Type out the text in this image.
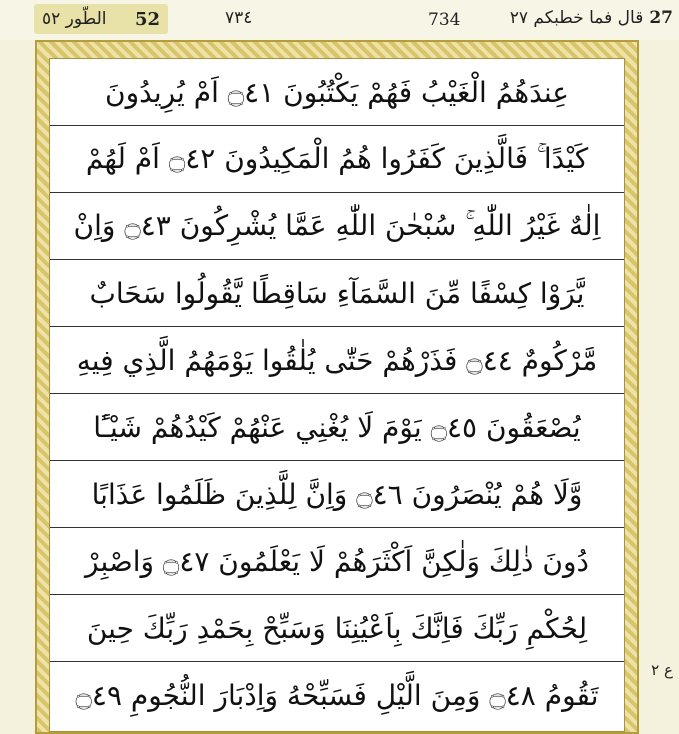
الطّور ٥٢ 52	٧٣٤	734	قال فما خطبكم ٢٧ 27
عِندَهُمُ الْغَيْبُ فَهُمْ يَكْتُبُونَ ۝٤١ اَمْ يُرِيدُونَ
كَيْدًا ۚ فَالَّذِينَ كَفَرُوا هُمُ الْمَكِيدُونَ ۝٤٢ اَمْ لَهُمْ
اِلٰهٌ غَيْرُ اللّٰهِ ۚ سُبْحٰنَ اللّٰهِ عَمَّا يُشْرِكُونَ ۝٤٣ وَاِنْ
يَّرَوْا كِسْفًا مِّنَ السَّمَآءِ سَاقِطًا يَّقُولُوا سَحَابٌ
مَّرْكُومٌ ۝٤٤ فَذَرْهُمْ حَتّٰى يُلٰقُوا يَوْمَهُمُ الَّذِي فِيهِ
يُصْعَقُونَ ۝٤٥ يَوْمَ لَا يُغْنِي عَنْهُمْ كَيْدُهُمْ شَيْـًٔا
وَّلَا هُمْ يُنْصَرُونَ ۝٤٦ وَاِنَّ لِلَّذِينَ ظَلَمُوا عَذَابًا
دُونَ ذٰلِكَ وَلٰكِنَّ اَكْثَرَهُمْ لَا يَعْلَمُونَ ۝٤٧ وَاصْبِرْ
لِحُكْمِ رَبِّكَ فَاِنَّكَ بِاَعْيُنِنَا وَسَبِّحْ بِحَمْدِ رَبِّكَ حِينَ
تَقُومُ ۝٤٨ وَمِنَ الَّيْلِ فَسَبِّحْهُ وَاِدْبَارَ النُّجُومِ ۝٤٩
ع ٢
